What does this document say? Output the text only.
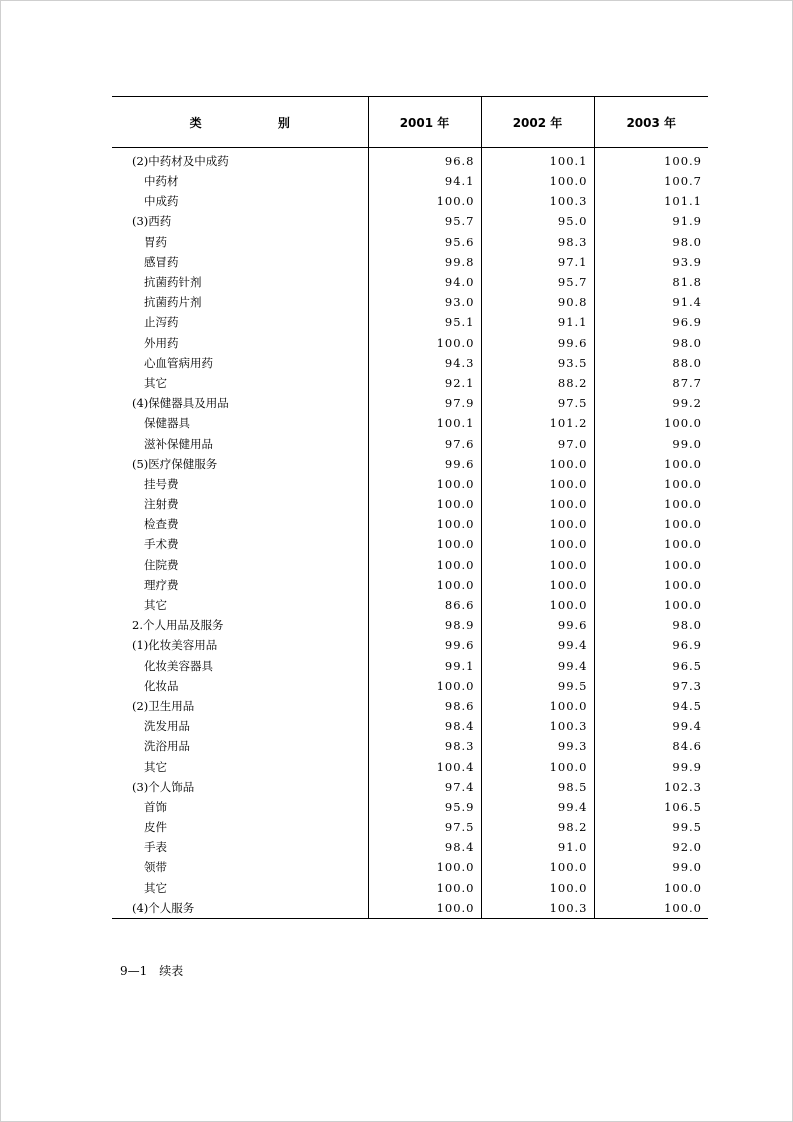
类 别	2001 年	2002 年	2003 年
(2)中药材及中成药	96.8	100.1	100.9
中药材	94.1	100.0	100.7
中成药	100.0	100.3	101.1
(3)西药	95.7	95.0	91.9
胃药	95.6	98.3	98.0
感冒药	99.8	97.1	93.9
抗菌药针剂	94.0	95.7	81.8
抗菌药片剂	93.0	90.8	91.4
止泻药	95.1	91.1	96.9
外用药	100.0	99.6	98.0
心血管病用药	94.3	93.5	88.0
其它	92.1	88.2	87.7
(4)保健器具及用品	97.9	97.5	99.2
保健器具	100.1	101.2	100.0
滋补保健用品	97.6	97.0	99.0
(5)医疗保健服务	99.6	100.0	100.0
挂号费	100.0	100.0	100.0
注射费	100.0	100.0	100.0
检查费	100.0	100.0	100.0
手术费	100.0	100.0	100.0
住院费	100.0	100.0	100.0
理疗费	100.0	100.0	100.0
其它	86.6	100.0	100.0
2.个人用品及服务	98.9	99.6	98.0
(1)化妆美容用品	99.6	99.4	96.9
化妆美容器具	99.1	99.4	96.5
化妆品	100.0	99.5	97.3
(2)卫生用品	98.6	100.0	94.5
洗发用品	98.4	100.3	99.4
洗浴用品	98.3	99.3	84.6
其它	100.4	100.0	99.9
(3)个人饰品	97.4	98.5	102.3
首饰	95.9	99.4	106.5
皮件	97.5	98.2	99.5
手表	98.4	91.0	92.0
领带	100.0	100.0	99.0
其它	100.0	100.0	100.0
(4)个人服务	100.0	100.3	100.0
9—1　续表
